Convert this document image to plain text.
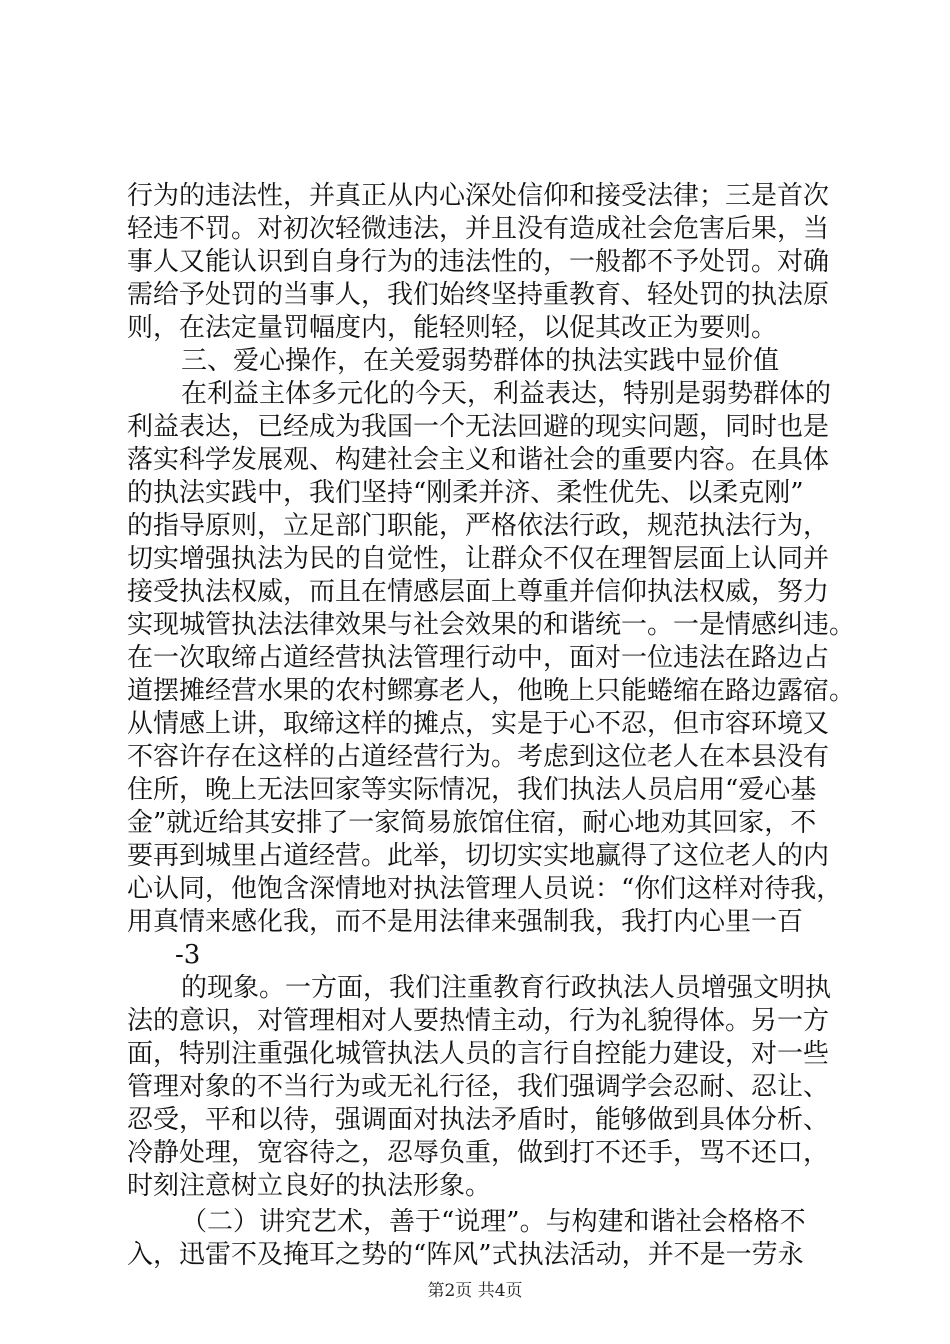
行为的违法性，并真正从内心深处信仰和接受法律；三是首次
轻违不罚。对初次轻微违法，并且没有造成社会危害后果，当
事人又能认识到自身行为的违法性的，一般都不予处罚。对确
需给予处罚的当事人，我们始终坚持重教育、轻处罚的执法原
则，在法定量罚幅度内，能轻则轻，以促其改正为要则。
三、爱心操作，在关爱弱势群体的执法实践中显价值
在利益主体多元化的今天，利益表达，特别是弱势群体的
利益表达，已经成为我国一个无法回避的现实问题，同时也是
落实科学发展观、构建社会主义和谐社会的重要内容。在具体
的执法实践中，我们坚持“刚柔并济、柔性优先、以柔克刚”
的指导原则，立足部门职能，严格依法行政，规范执法行为，
切实增强执法为民的自觉性，让群众不仅在理智层面上认同并
接受执法权威，而且在情感层面上尊重并信仰执法权威，努力
实现城管执法法律效果与社会效果的和谐统一。一是情感纠违。
在一次取缔占道经营执法管理行动中，面对一位违法在路边占
道摆摊经营水果的农村鳏寡老人，他晚上只能蜷缩在路边露宿。
从情感上讲，取缔这样的摊点，实是于心不忍，但市容环境又
不容许存在这样的占道经营行为。考虑到这位老人在本县没有
住所，晚上无法回家等实际情况，我们执法人员启用“爱心基
金”就近给其安排了一家简易旅馆住宿，耐心地劝其回家，不
要再到城里占道经营。此举，切切实实地赢得了这位老人的内
心认同，他饱含深情地对执法管理人员说：“你们这样对待我，
用真情来感化我，而不是用法律来强制我，我打内心里一百
-3
的现象。一方面，我们注重教育行政执法人员增强文明执
法的意识，对管理相对人要热情主动，行为礼貌得体。另一方
面，特别注重强化城管执法人员的言行自控能力建设，对一些
管理对象的不当行为或无礼行径，我们强调学会忍耐、忍让、
忍受，平和以待，强调面对执法矛盾时，能够做到具体分析、
冷静处理，宽容待之，忍辱负重，做到打不还手，骂不还口，
时刻注意树立良好的执法形象。
（二）讲究艺术，善于“说理”。与构建和谐社会格格不
入，迅雷不及掩耳之势的“阵风”式执法活动，并不是一劳永
第2页 共4页
